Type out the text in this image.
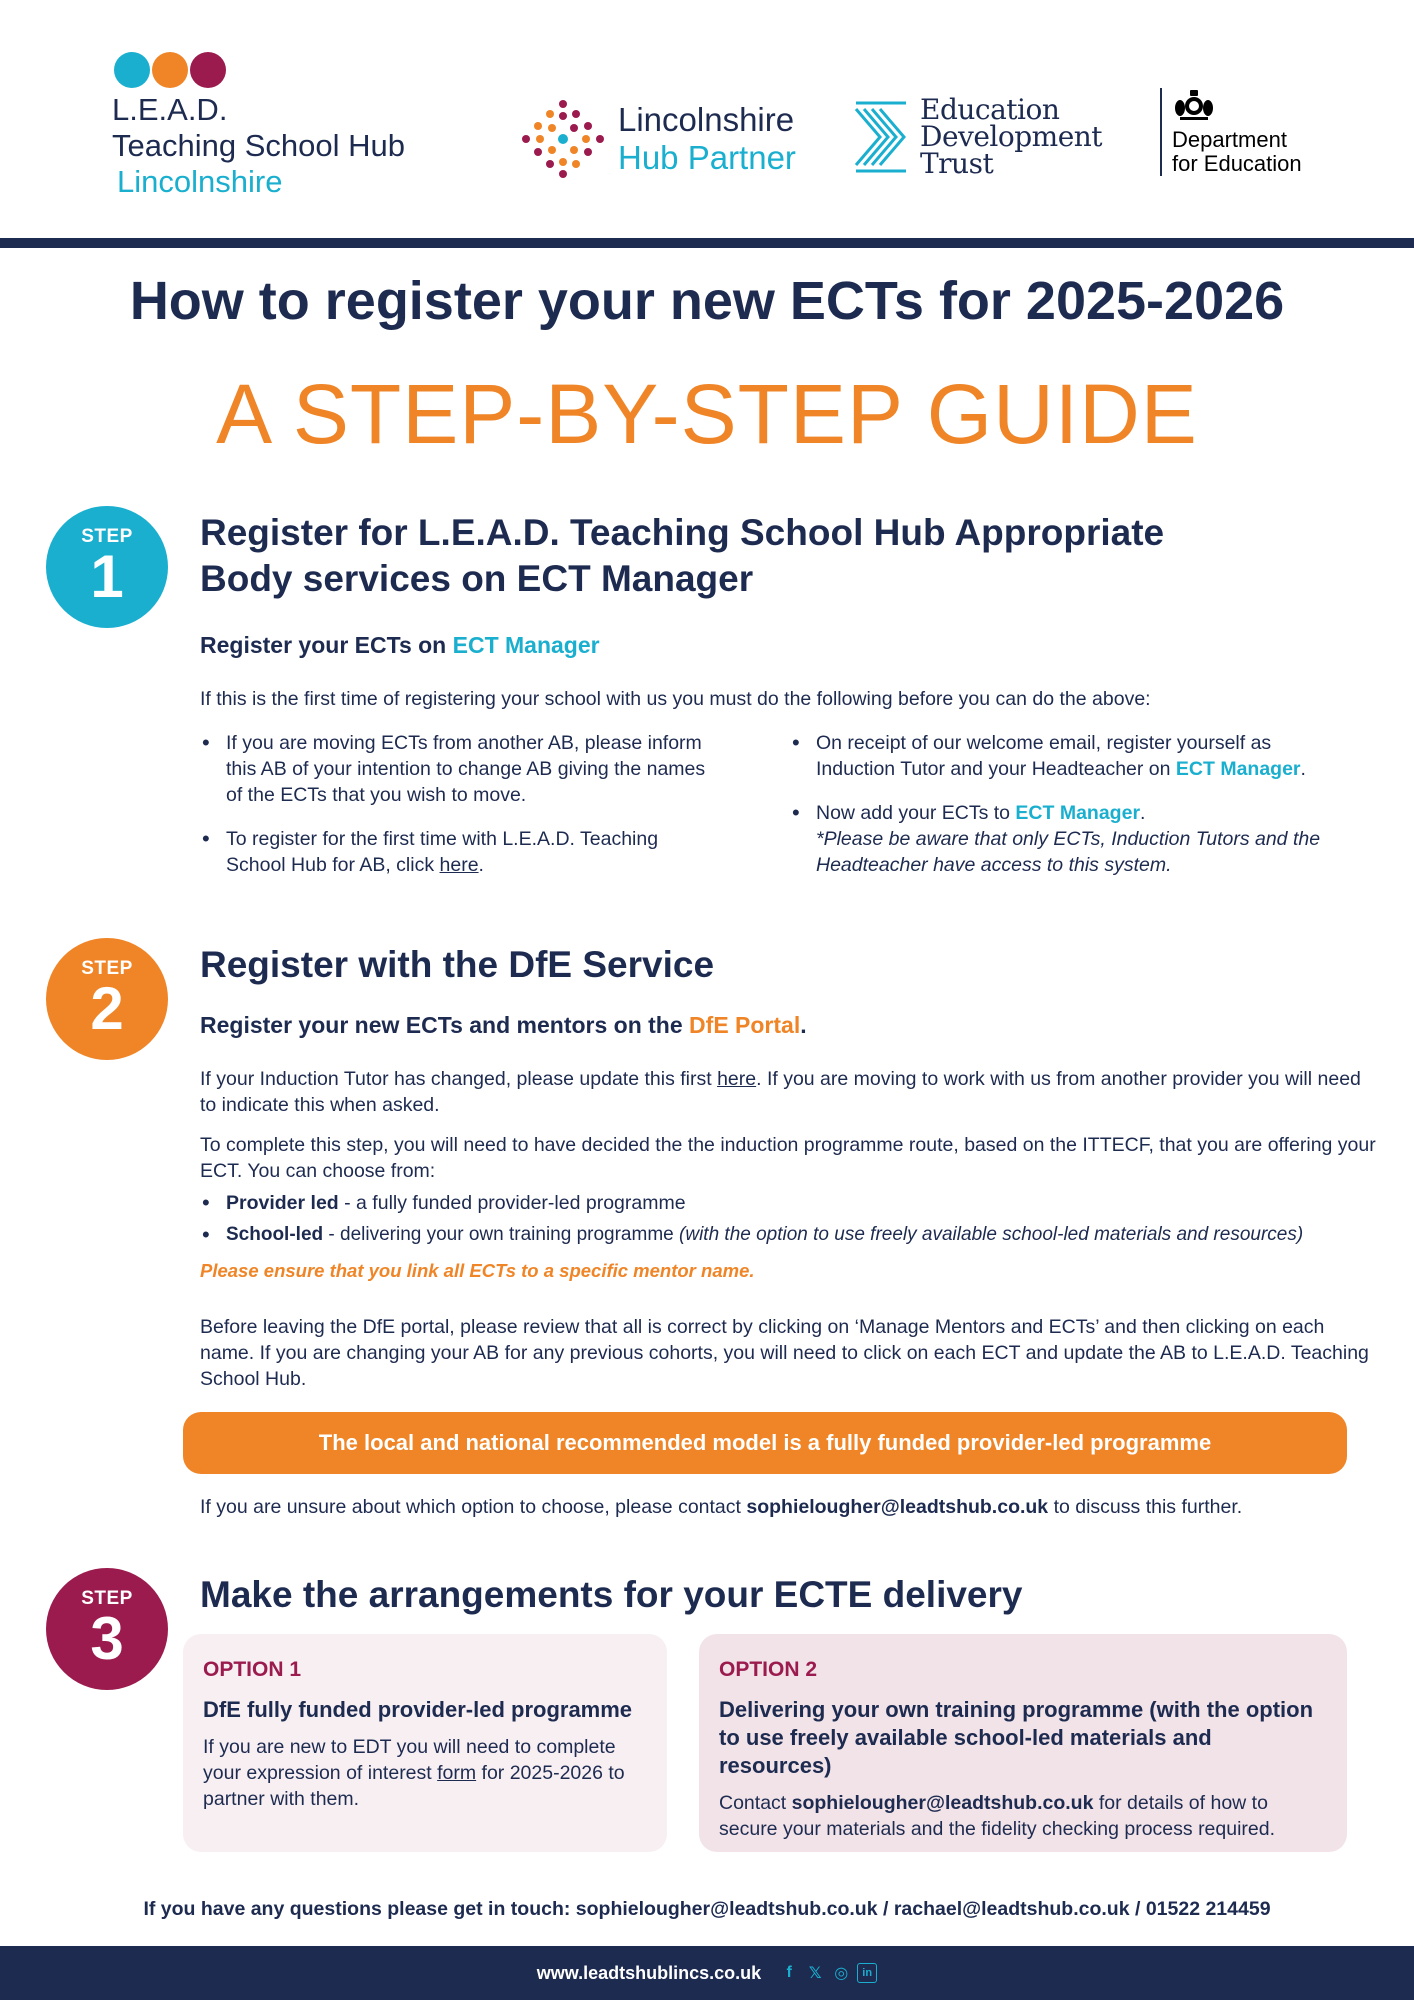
L.E.A.D.
Teaching School Hub
Lincolnshire
Lincolnshire
Hub Partner
Education
Development
Trust
Department
for Education
How to register your new ECTs for 2025-2026
A STEP-BY-STEP GUIDE
STEP
1
Register for L.E.A.D. Teaching School Hub Appropriate
Body services on ECT Manager
Register your ECTs on ECT Manager
If this is the first time of registering your school with us you must do the following before you can do the above:
• If you are moving ECTs from another AB, please inform this AB of your intention to change AB giving the names of the ECTs that you wish to move.
• To register for the first time with L.E.A.D. Teaching School Hub for AB, click here.
• On receipt of our welcome email, register yourself as Induction Tutor and your Headteacher on ECT Manager.
• Now add your ECTs to ECT Manager.
*Please be aware that only ECTs, Induction Tutors and the Headteacher have access to this system.
STEP
2
Register with the DfE Service
Register your new ECTs and mentors on the DfE Portal.
If your Induction Tutor has changed, please update this first here. If you are moving to work with us from another provider you will need to indicate this when asked.
To complete this step, you will need to have decided the the induction programme route, based on the ITTECF, that you are offering your ECT. You can choose from:
• Provider led - a fully funded provider-led programme
• School-led - delivering your own training programme (with the option to use freely available school-led materials and resources)
Please ensure that you link all ECTs to a specific mentor name.
Before leaving the DfE portal, please review that all is correct by clicking on ‘Manage Mentors and ECTs’ and then clicking on each name. If you are changing your AB for any previous cohorts, you will need to click on each ECT and update the AB to L.E.A.D. Teaching School Hub.
The local and national recommended model is a fully funded provider-led programme
If you are unsure about which option to choose, please contact sophielougher@leadtshub.co.uk to discuss this further.
STEP
3
Make the arrangements for your ECTE delivery
OPTION 1
DfE fully funded provider-led programme
If you are new to EDT you will need to complete your expression of interest form for 2025-2026 to partner with them.
OPTION 2
Delivering your own training programme (with the option to use freely available school-led materials and resources)
Contact sophielougher@leadtshub.co.uk for details of how to secure your materials and the fidelity checking process required.
If you have any questions please get in touch: sophielougher@leadtshub.co.uk / rachael@leadtshub.co.uk / 01522 214459
www.leadtshublincs.co.uk	f	𝕏 ◎	in
